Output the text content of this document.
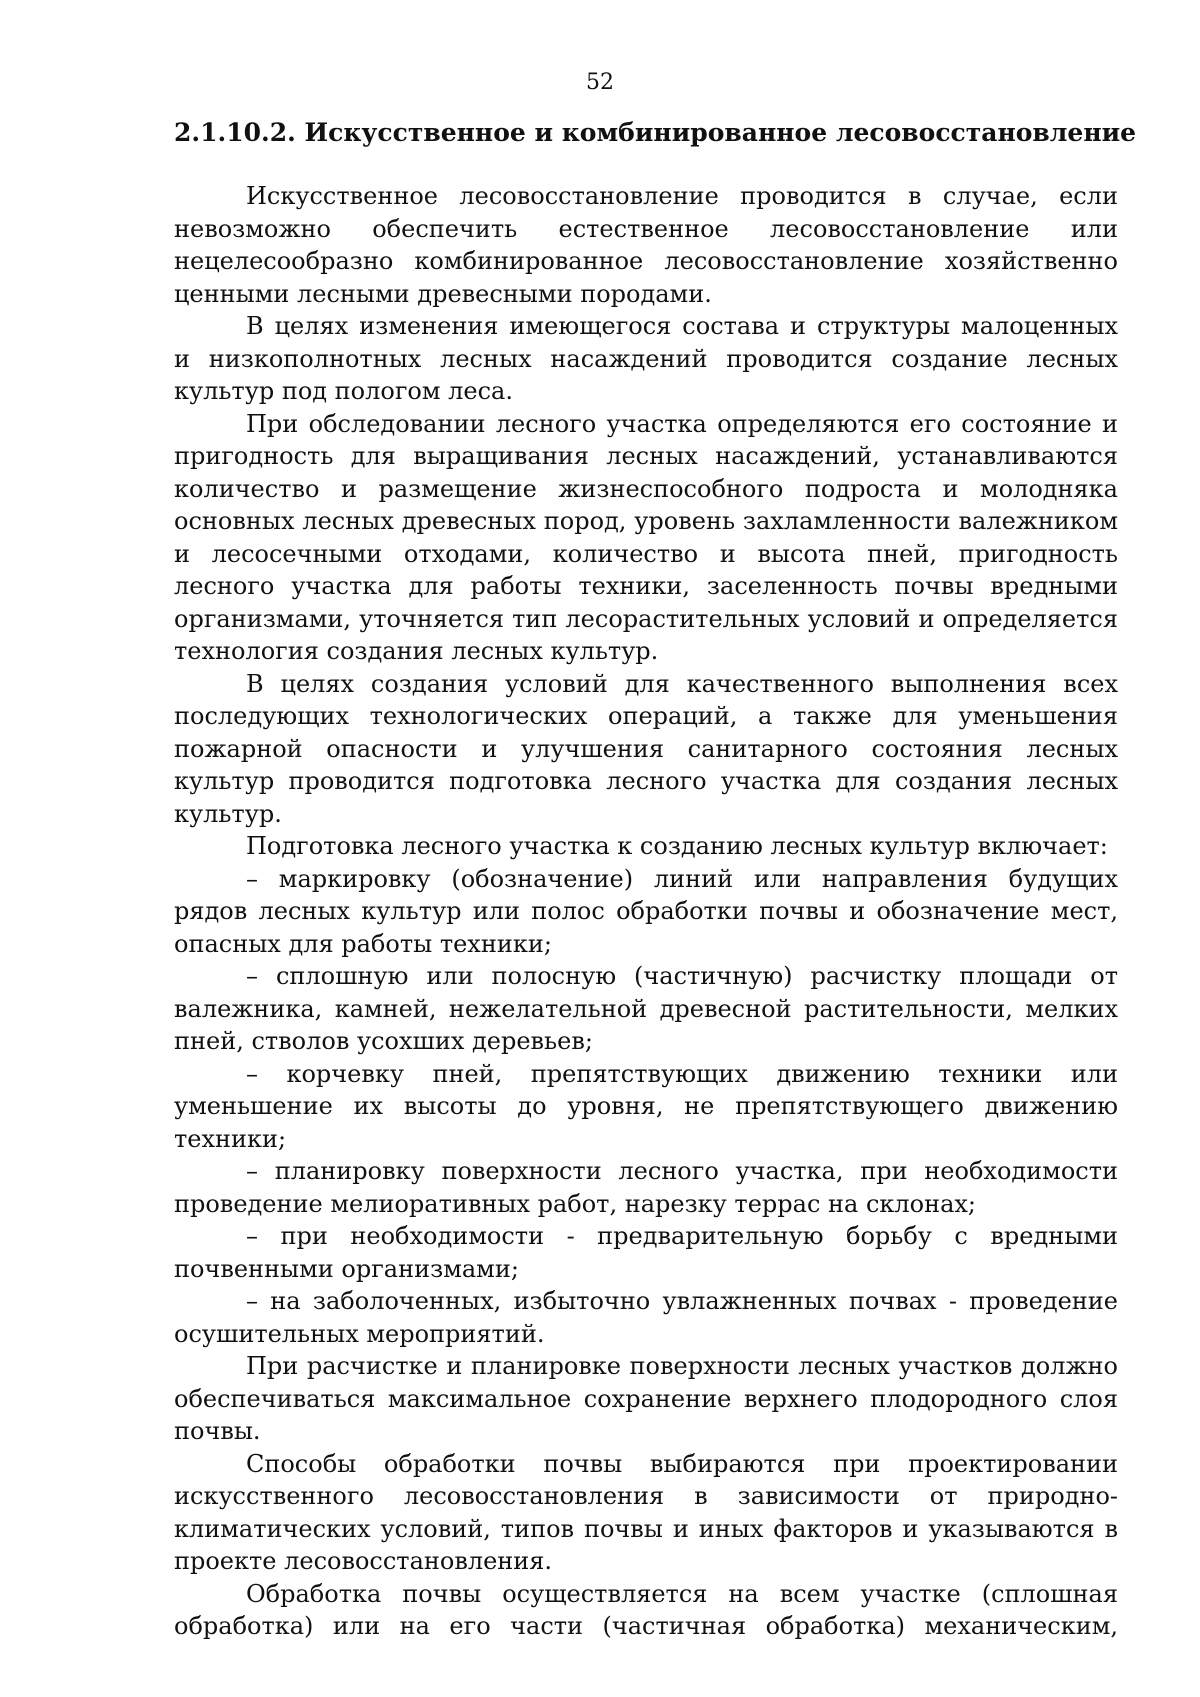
52
2.1.10.2. Искусственное и комбинированное лесовосстановление

Искусственное лесовосстановление проводится в случае, если невозможно обеспечить естественное лесовосстановление или нецелесообразно комбинированное лесовосстановление хозяйственно ценными лесными древесными породами.

В целях изменения имеющегося состава и структуры малоценных и низкополнотных лесных насаждений проводится создание лесных культур под пологом леса.

При обследовании лесного участка определяются его состояние и пригодность для выращивания лесных насаждений, устанавливаются количество и размещение жизнеспособного подроста и молодняка основных лесных древесных пород, уровень захламленности валежником и лесосечными отходами, количество и высота пней, пригодность лесного участка для работы техники, заселенность почвы вредными организмами, уточняется тип лесорастительных условий и определяется технология создания лесных культур.

В целях создания условий для качественного выполнения всех последующих технологических операций, а также для уменьшения пожарной опасности и улучшения санитарного состояния лесных культур проводится подготовка лесного участка для создания лесных культур.

Подготовка лесного участка к созданию лесных культур включает:

– маркировку (обозначение) линий или направления будущих рядов лесных культур или полос обработки почвы и обозначение мест, опасных для работы техники;

– сплошную или полосную (частичную) расчистку площади от валежника, камней, нежелательной древесной растительности, мелких пней, стволов усохших деревьев;

– корчевку пней, препятствующих движению техники или уменьшение их высоты до уровня, не препятствующего движению техники;

– планировку поверхности лесного участка, при необходимости проведение мелиоративных работ, нарезку террас на склонах;

– при необходимости - предварительную борьбу с вредными почвенными организмами;

– на заболоченных, избыточно увлажненных почвах - проведение осушительных мероприятий.

При расчистке и планировке поверхности лесных участков должно обеспечиваться максимальное сохранение верхнего плодородного слоя почвы.

Способы обработки почвы выбираются при проектировании искусственного лесовосстановления в зависимости от природно-климатических условий, типов почвы и иных факторов и указываются в проекте лесовосстановления.

Обработка почвы осуществляется на всем участке (сплошная обработка) или на его части (частичная обработка) механическим,
